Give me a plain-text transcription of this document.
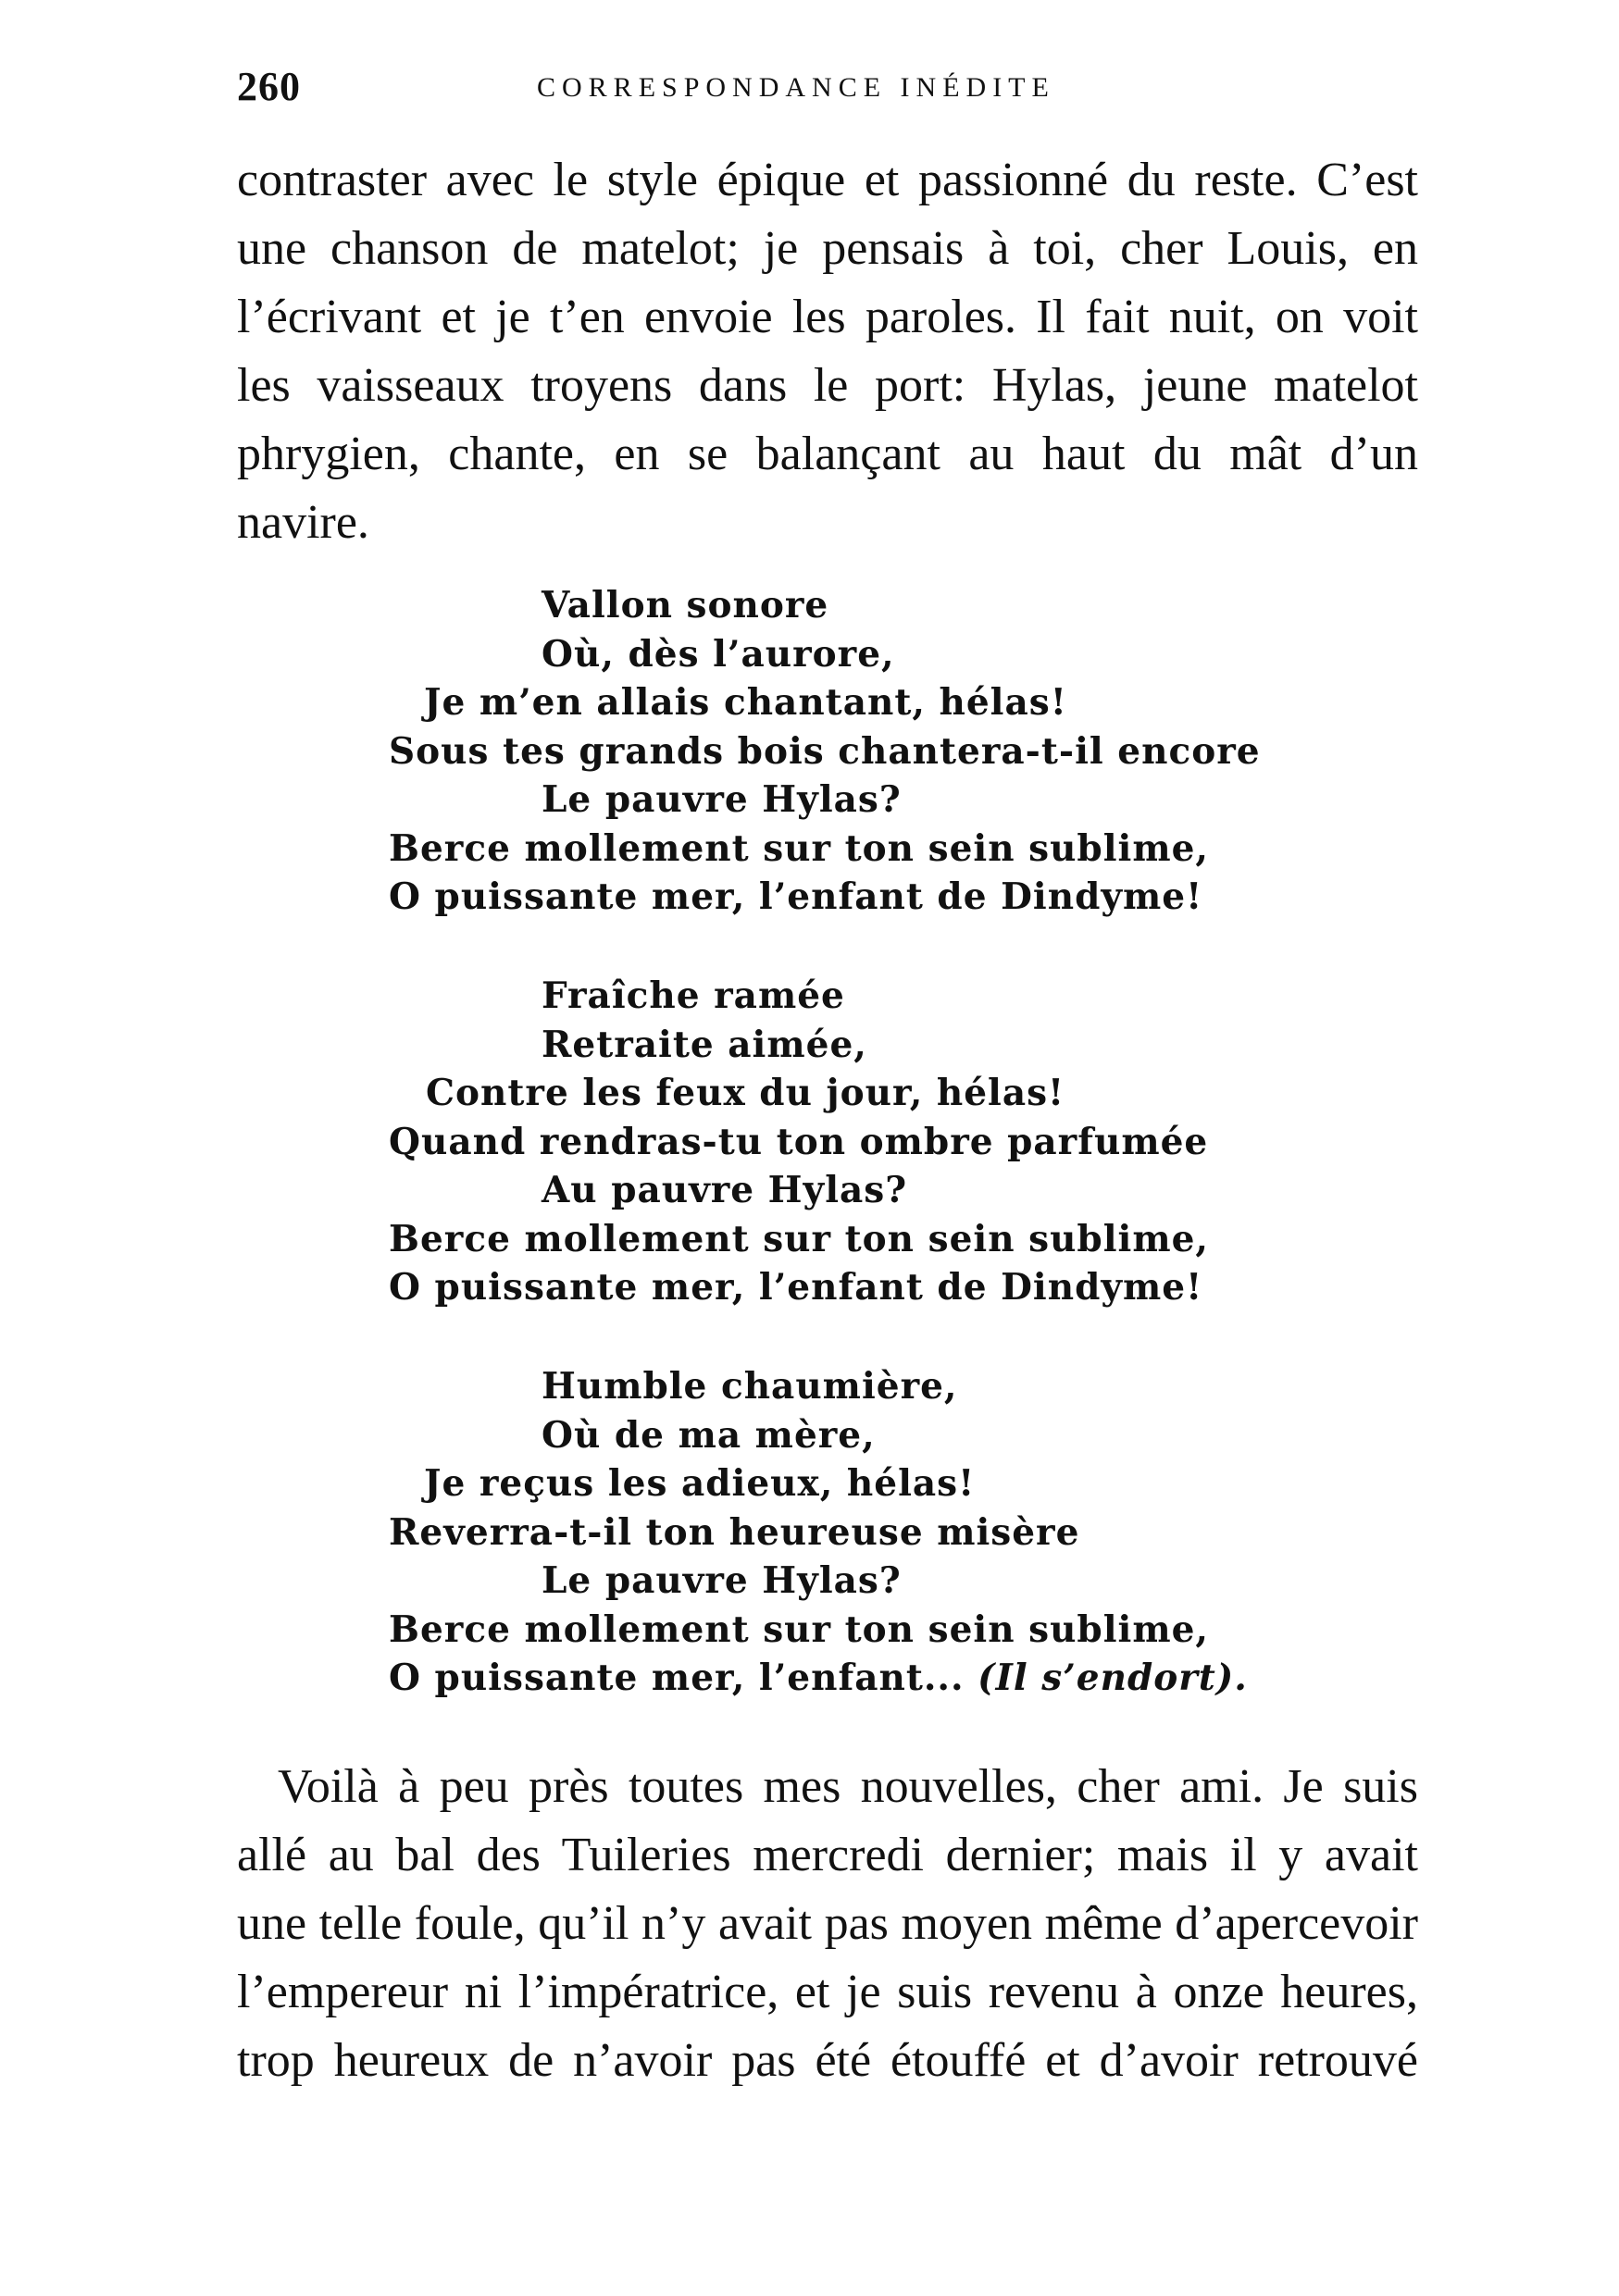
260	CORRESPONDANCE INÉDITE
contraster avec le style épique et passionné du reste. C’est
une chanson de matelot; je pensais à toi, cher Louis, en
l’écrivant et je t’en envoie les paroles. Il fait nuit, on voit
les vaisseaux troyens dans le port: Hylas, jeune matelot
phrygien, chante, en se balançant au haut du mât d’un
navire.
Vallon sonore
Où, dès l’aurore,
Je m’en allais chantant, hélas!
Sous tes grands bois chantera-t-il encore
Le pauvre Hylas?
Berce mollement sur ton sein sublime,
O puissante mer, l’enfant de Dindyme!
Fraîche ramée
Retraite aimée,
Contre les feux du jour, hélas!
Quand rendras-tu ton ombre parfumée
Au pauvre Hylas?
Berce mollement sur ton sein sublime,
O puissante mer, l’enfant de Dindyme!
Humble chaumière,
Où de ma mère,
Je reçus les adieux, hélas!
Reverra-t-il ton heureuse misère
Le pauvre Hylas?
Berce mollement sur ton sein sublime,
O puissante mer, l’enfant... (Il s’endort).
Voilà à peu près toutes mes nouvelles, cher ami. Je suis
allé au bal des Tuileries mercredi dernier; mais il y avait
une telle foule, qu’il n’y avait pas moyen même d’apercevoir
l’empereur ni l’impératrice, et je suis revenu à onze heures,
trop heureux de n’avoir pas été étouffé et d’avoir retrouvé
